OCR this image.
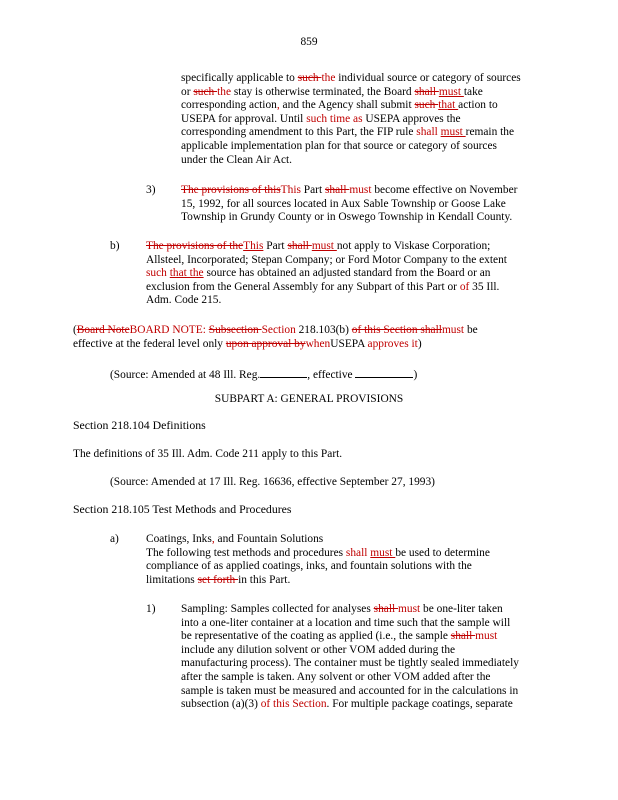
859
specifically applicable to such the individual source or category of sources
or such the stay is otherwise terminated, the Board shall must take
corresponding action, and the Agency shall submit such that action to
USEPA for approval. Until such time as USEPA approves the
corresponding amendment to this Part, the FIP rule shall must remain the
applicable implementation plan for that source or category of sources
under the Clean Air Act.
3) The provisions of thisThis Part shall must become effective on November
15, 1992, for all sources located in Aux Sable Township or Goose Lake
Township in Grundy County or in Oswego Township in Kendall County.
b) The provisions of theThis Part shall must not apply to Viskase Corporation;
Allsteel, Incorporated; Stepan Company; or Ford Motor Company to the extent
such that the source has obtained an adjusted standard from the Board or an
exclusion from the General Assembly for any Subpart of this Part or of 35 Ill.
Adm. Code 215.
(Board NoteBOARD NOTE: Subsection Section 218.103(b) of this Section shallmust be
effective at the federal level only upon approval bywhenUSEPA approves it)
(Source: Amended at 48 Ill. Reg.	, effective	)
SUBPART A: GENERAL PROVISIONS
Section 218.104 Definitions
The definitions of 35 Ill. Adm. Code 211 apply to this Part.
(Source: Amended at 17 Ill. Reg. 16636, effective September 27, 1993)
Section 218.105 Test Methods and Procedures
a) Coatings, Inks, and Fountain Solutions
The following test methods and procedures shall must be used to determine
compliance of as applied coatings, inks, and fountain solutions with the
limitations set forth in this Part.
1) Sampling: Samples collected for analyses shall must be one-liter taken
into a one-liter container at a location and time such that the sample will
be representative of the coating as applied (i.e., the sample shall must
include any dilution solvent or other VOM added during the
manufacturing process). The container must be tightly sealed immediately
after the sample is taken. Any solvent or other VOM added after the
sample is taken must be measured and accounted for in the calculations in
subsection (a)(3) of this Section. For multiple package coatings, separate
